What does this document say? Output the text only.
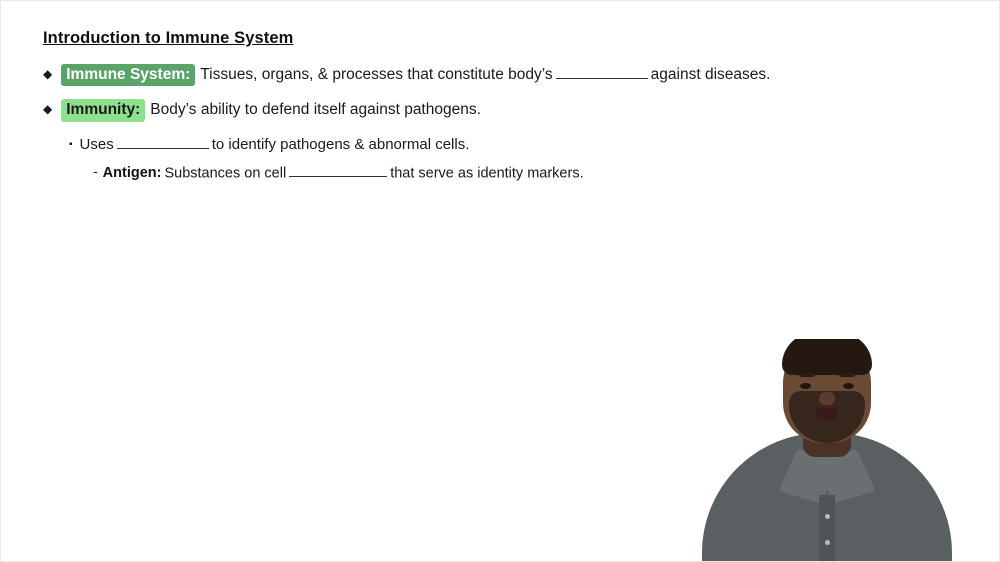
Introduction to Immune System
◆ Immune System: Tissues, organs, & processes that constitute body’s	against diseases.
◆ Immunity: Body’s ability to defend itself against pathogens.
▪ Uses	to identify pathogens & abnormal cells.
- Antigen: Substances on cell	that serve as identity markers.
